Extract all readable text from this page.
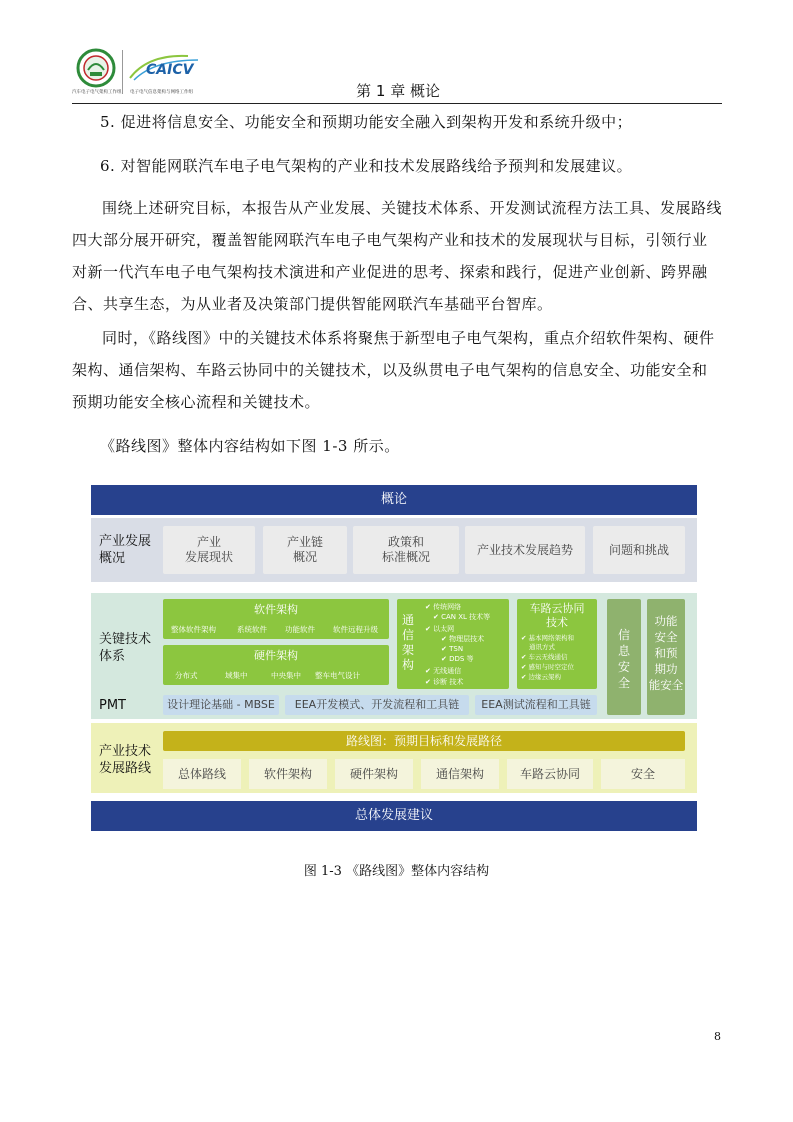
汽车电子电气架构工作组
CAICV
电子电气信息架构与网络工作组	第 1 章 概论
5. 促进将信息安全、功能安全和预期功能安全融入到架构开发和系统升级中；
6. 对智能网联汽车电子电气架构的产业和技术发展路线给予预判和发展建议。
围绕上述研究目标，本报告从产业发展、关键技术体系、开发测试流程方法工具、发展路线四大部分展开研究，覆盖智能网联汽车电子电气架构产业和技术的发展现状与目标，引领行业对新一代汽车电子电气架构技术演进和产业促进的思考、探索和践行，促进产业创新、跨界融合、共享生态，为从业者及决策部门提供智能网联汽车基础平台智库。
同时，《路线图》中的关键技术体系将聚焦于新型电子电气架构，重点介绍软件架构、硬件架构、通信架构、车路云协同中的关键技术，以及纵贯电子电气架构的信息安全、功能安全和预期功能安全核心流程和关键技术。
《路线图》整体内容结构如下图 1-3 所示。
概论
产业发展
概况
产业
发展现状
产业链
概况
政策和
标准概况
产业技术发展趋势	问题和挑战
关键技术
体系
PMT
软件架构
整体软件架构	系统软件 功能软件 软件远程升级
硬件架构
分布式	域集中	中央集中 整车电气设计
通
信
架
构
✔ 传统网络
✔ CAN XL 技术等
✔ 以太网
✔ 物理层技术
✔ TSN
✔ DDS 等
✔ 无线通信
✔ 诊断 技术
车路云协同
技术
✔ 基本网络架构和
通讯方式
✔ 车云无线通信
✔ 感知与时空定位
✔ 边缘云架构
信
息
安
全
功能
安全
和预
期功
能安全
设计理论基础 - MBSE	EEA开发模式、开发流程和工具链	EEA测试流程和工具链
产业技术
发展路线
路线图：预期目标和发展路径
总体路线	软件架构	硬件架构	通信架构	车路云协同	安全
总体发展建议
图 1-3 《路线图》整体内容结构
8
